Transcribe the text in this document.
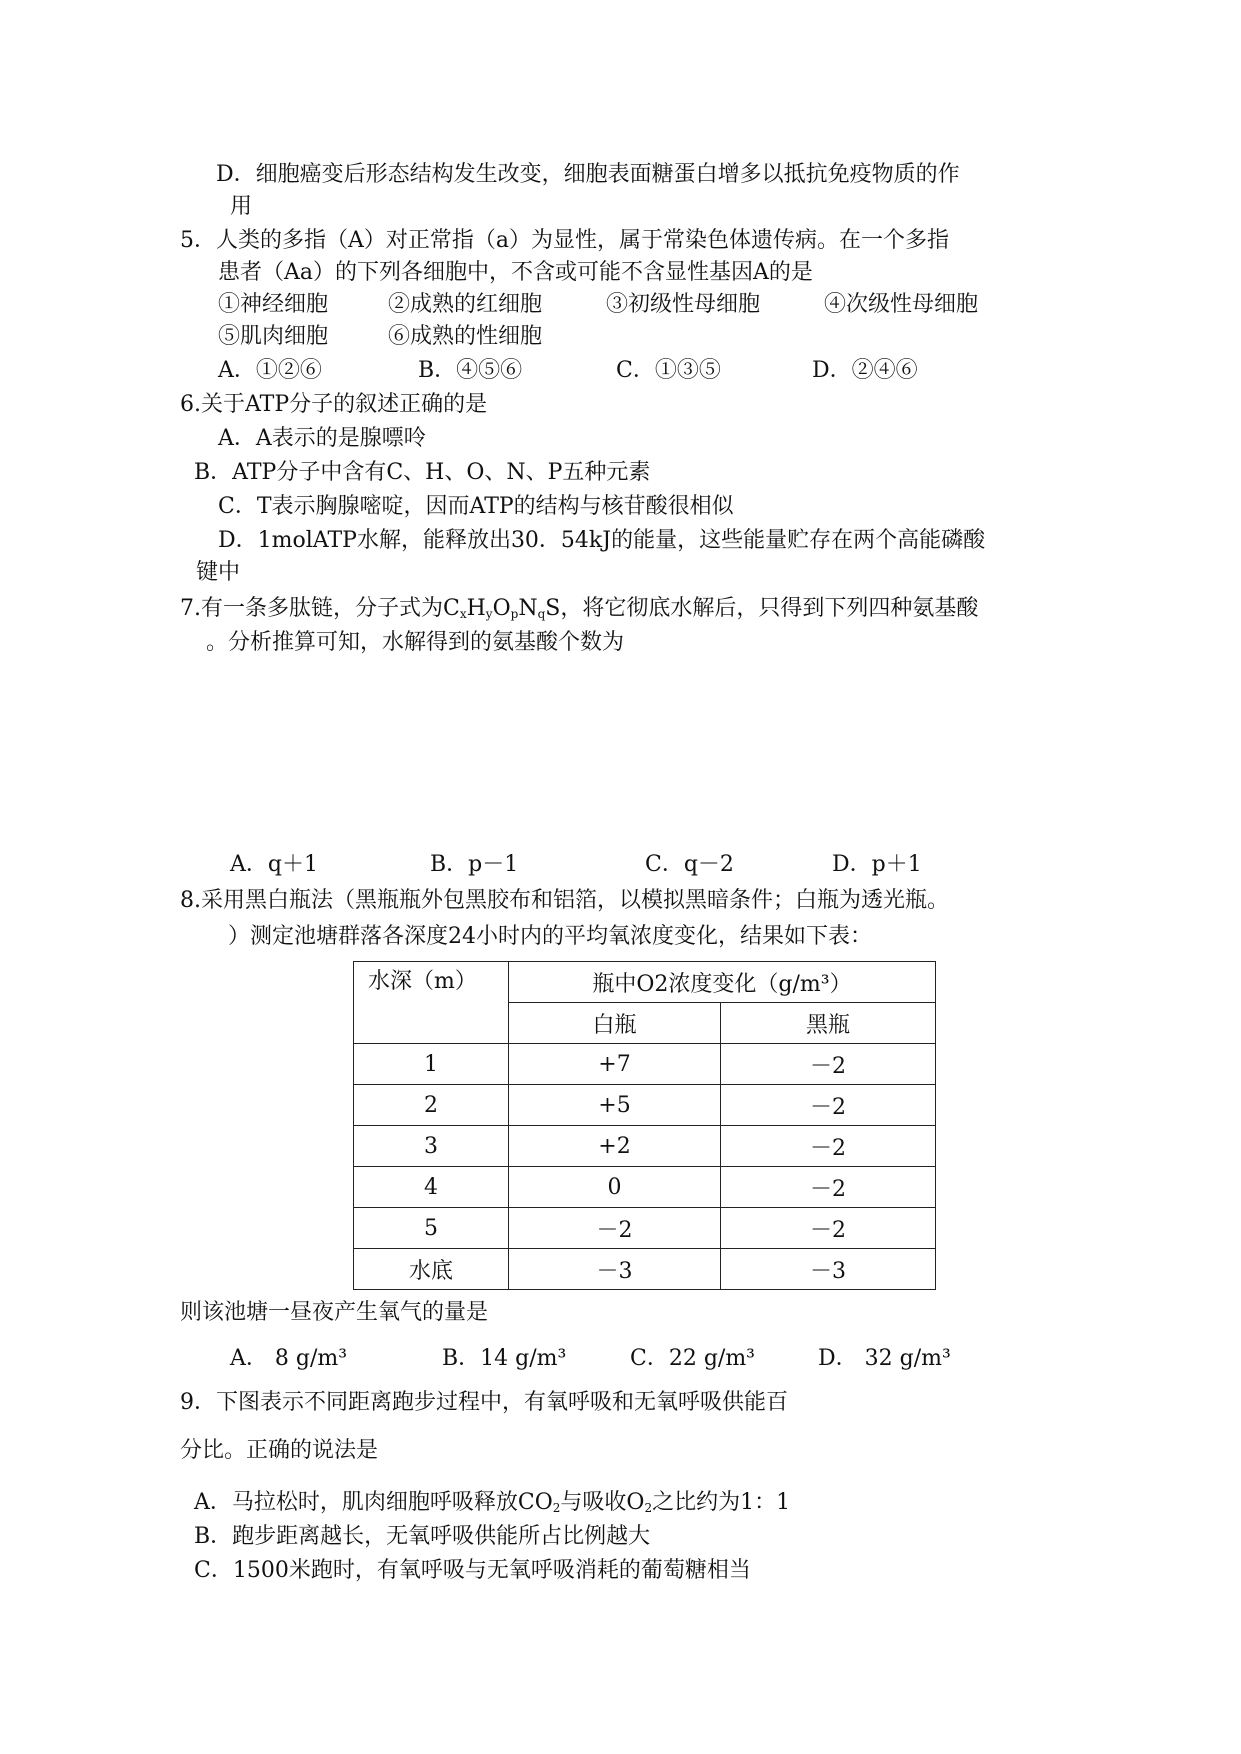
D．细胞癌变后形态结构发生改变，细胞表面糖蛋白增多以抵抗免疫物质的作
用
5．人类的多指（A）对正常指（a）为显性，属于常染色体遗传病。在一个多指
患者（Aa）的下列各细胞中，不含或可能不含显性基因A的是
①神经细胞	②成熟的红细胞	③初级性母细胞	④次级性母细胞
⑤肌肉细胞	⑥成熟的性细胞
A．①②⑥	B．④⑤⑥	C．①③⑤	D．②④⑥
6.关于ATP分子的叙述正确的是
A．A表示的是腺嘌呤
B．ATP分子中含有C、H、O、N、P五种元素
C．T表示胸腺嘧啶，因而ATP的结构与核苷酸很相似
D．1molATP水解，能释放出30．54kJ的能量，这些能量贮存在两个高能磷酸
键中
7.有一条多肽链，分子式为$C_xH_yO_pN_qS$，将它彻底水解后，只得到下列四种氨基酸
。分析推算可知，水解得到的氨基酸个数为
A．q＋1	B．p－1	C．q－2	D．p＋1
8.采用黑白瓶法（黑瓶瓶外包黑胶布和铝箔，以模拟黑暗条件；白瓶为透光瓶。
）测定池塘群落各深度24小时内的平均氧浓度变化，结果如下表：
水深（m）	瓶中O2浓度变化（g/m³）	
	白瓶	黑瓶
1	+7	－2
2	+5	－2
3	+2	－2
4	0	－2
5	－2	－2
水底	－3	－3
则该池塘一昼夜产生氧气的量是
A． 8 g/m³	B．14 g/m³	C．22 g/m³	D． 32 g/m³
9．下图表示不同距离跑步过程中，有氧呼吸和无氧呼吸供能百
分比。正确的说法是
A．马拉松时，肌肉细胞呼吸释放$CO_2$与吸收$O_2$之比约为1：1
B．跑步距离越长，无氧呼吸供能所占比例越大
C．1500米跑时，有氧呼吸与无氧呼吸消耗的葡萄糖相当
